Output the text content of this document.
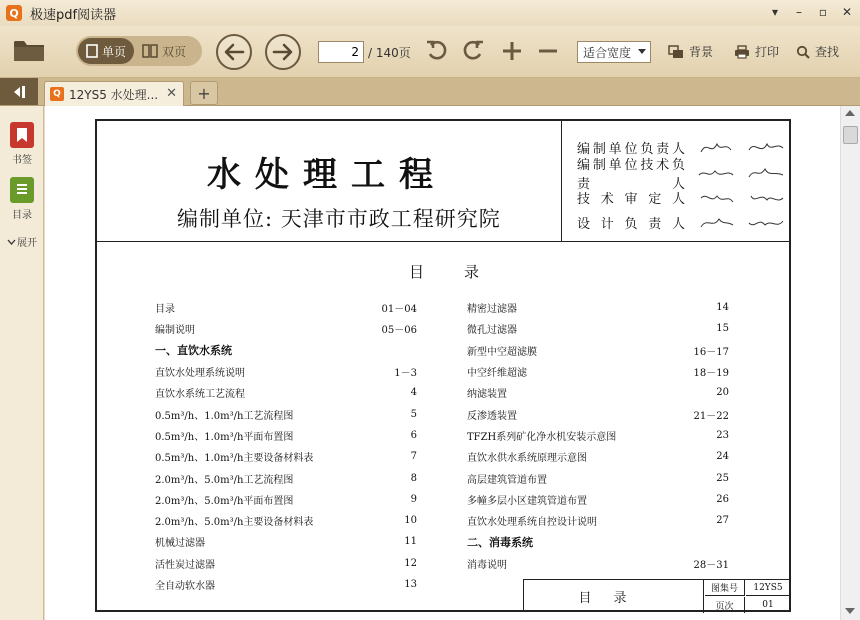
Q 极速pdf阅读器	▾	–	▫ ✕
单页	双页
2	/ 140页	适合宽度	背景	打印	查找
Q 12YS5 水处理... ✕ +
书签
目录
展开
水处理工程
编制单位: 天津市市政工程研究院
编制单位负责人
编制单位技术负责人
技术审定人
设计负责人
目录
目录	01－04
编制说明	05－06
一、直饮水系统
直饮水处理系统说明	1－3
直饮水系统工艺流程	4
0.5m³/h、1.0m³/h工艺流程图	5
0.5m³/h、1.0m³/h平面布置图	6
0.5m³/h、1.0m³/h主要设备材料表	7
2.0m³/h、5.0m³/h工艺流程图	8
2.0m³/h、5.0m³/h平面布置图	9
2.0m³/h、5.0m³/h主要设备材料表	10
机械过滤器	11
活性炭过滤器	12
全自动软水器	13
精密过滤器	14
微孔过滤器	15
新型中空超滤膜	16－17
中空纤维超滤	18－19
纳滤装置	20
反渗透装置	21－22
TFZH系列矿化净水机安装示意图	23
直饮水供水系统原理示意图	24
高层建筑管道布置	25
多幢多层小区建筑管道布置	26
直饮水处理系统自控设计说明	27
二、消毒系统
消毒说明	28－31
目录
图集号	12YS5
页次	01
